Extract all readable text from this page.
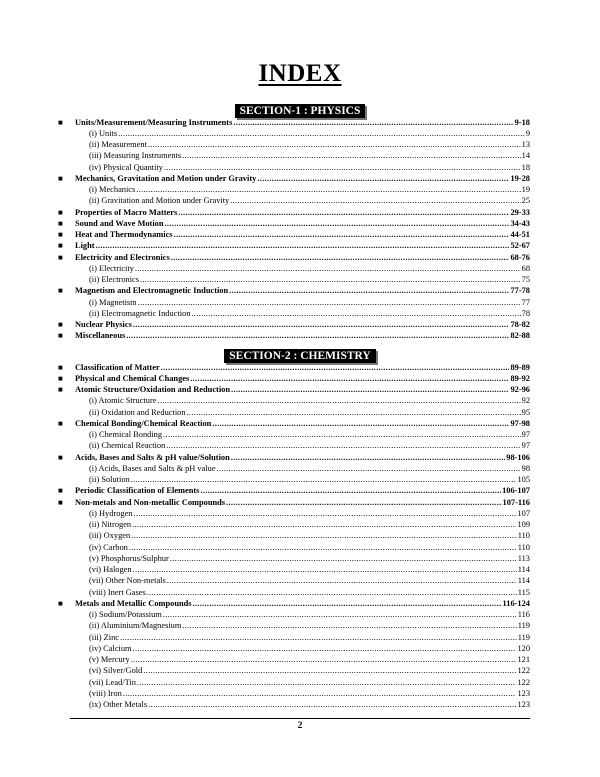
INDEX
SECTION-1 : PHYSICS
■ Units/Measurement/Measuring Instruments .....	9-18
(i) Units .....	9
(ii) Measurement .....	13
(iii) Measuring Instruments .....	14
(iv) Physical Quantity .....	18
■ Mechanics, Gravitation and Motion under Gravity .....	19-28
(i) Mechanics .....	19
(ii) Gravitation and Motion under Gravity .....	25
■ Properties of Macro Matters .....	29-33
■ Sound and Wave Motion .....	34-43
■ Heat and Thermodynamics .....	44-51
■ Light .....	52-67
■ Electricity and Electronics .....	68-76
(i) Electricity .....	68
(ii) Electronics .....	75
■ Magnetism and Electromagnetic Induction .....	77-78
(i) Magnetism .....	77
(ii) Electromagnetic Induction .....	78
■ Nuclear Physics .....	78-82
■ Miscellaneous .....	82-88
SECTION-2 : CHEMISTRY
■ Classification of Matter .....	89-89
■ Physical and Chemical Changes .....	89-92
■ Atomic Structure/Oxidation and Reduction .....	92-96
(i) Atomic Structure .....	92
(ii) Oxidation and Reduction .....	95
■ Chemical Bonding/Chemical Reaction .....	97-98
(i) Chemical Bonding .....	97
(ii) Chemical Reaction .....	97
■ Acids, Bases and Salts & pH value/Solution .....	98-106
(i) Acids, Bases and Salts & pH value .....	98
(ii) Solution .....	105
■ Periodic Classification of Elements .....	106-107
■ Non-metals and Non-metallic Compounds .....	107-116
(i) Hydrogen .....	107
(ii) Nitrogen .....	109
(iii) Oxygen .....	110
(iv) Carbon .....	110
(v) Phosphorus/Sulphur .....	113
(vi) Halogen .....	114
(vii) Other Non-metals .....	114
(viii) Inert Gases .....	115
■ Metals and Metallic Compounds .....	116-124
(i) Sodium/Potassium .....	116
(ii) Aluminium/Magnesium .....	119
(iii) Zinc .....	119
(iv) Calcium .....	120
(v) Mercury .....	121
(vi) Silver/Gold .....	122
(vii) Lead/Tin .....	122
(viii) Iron .....	123
(ix) Other Metals .....	123
2
